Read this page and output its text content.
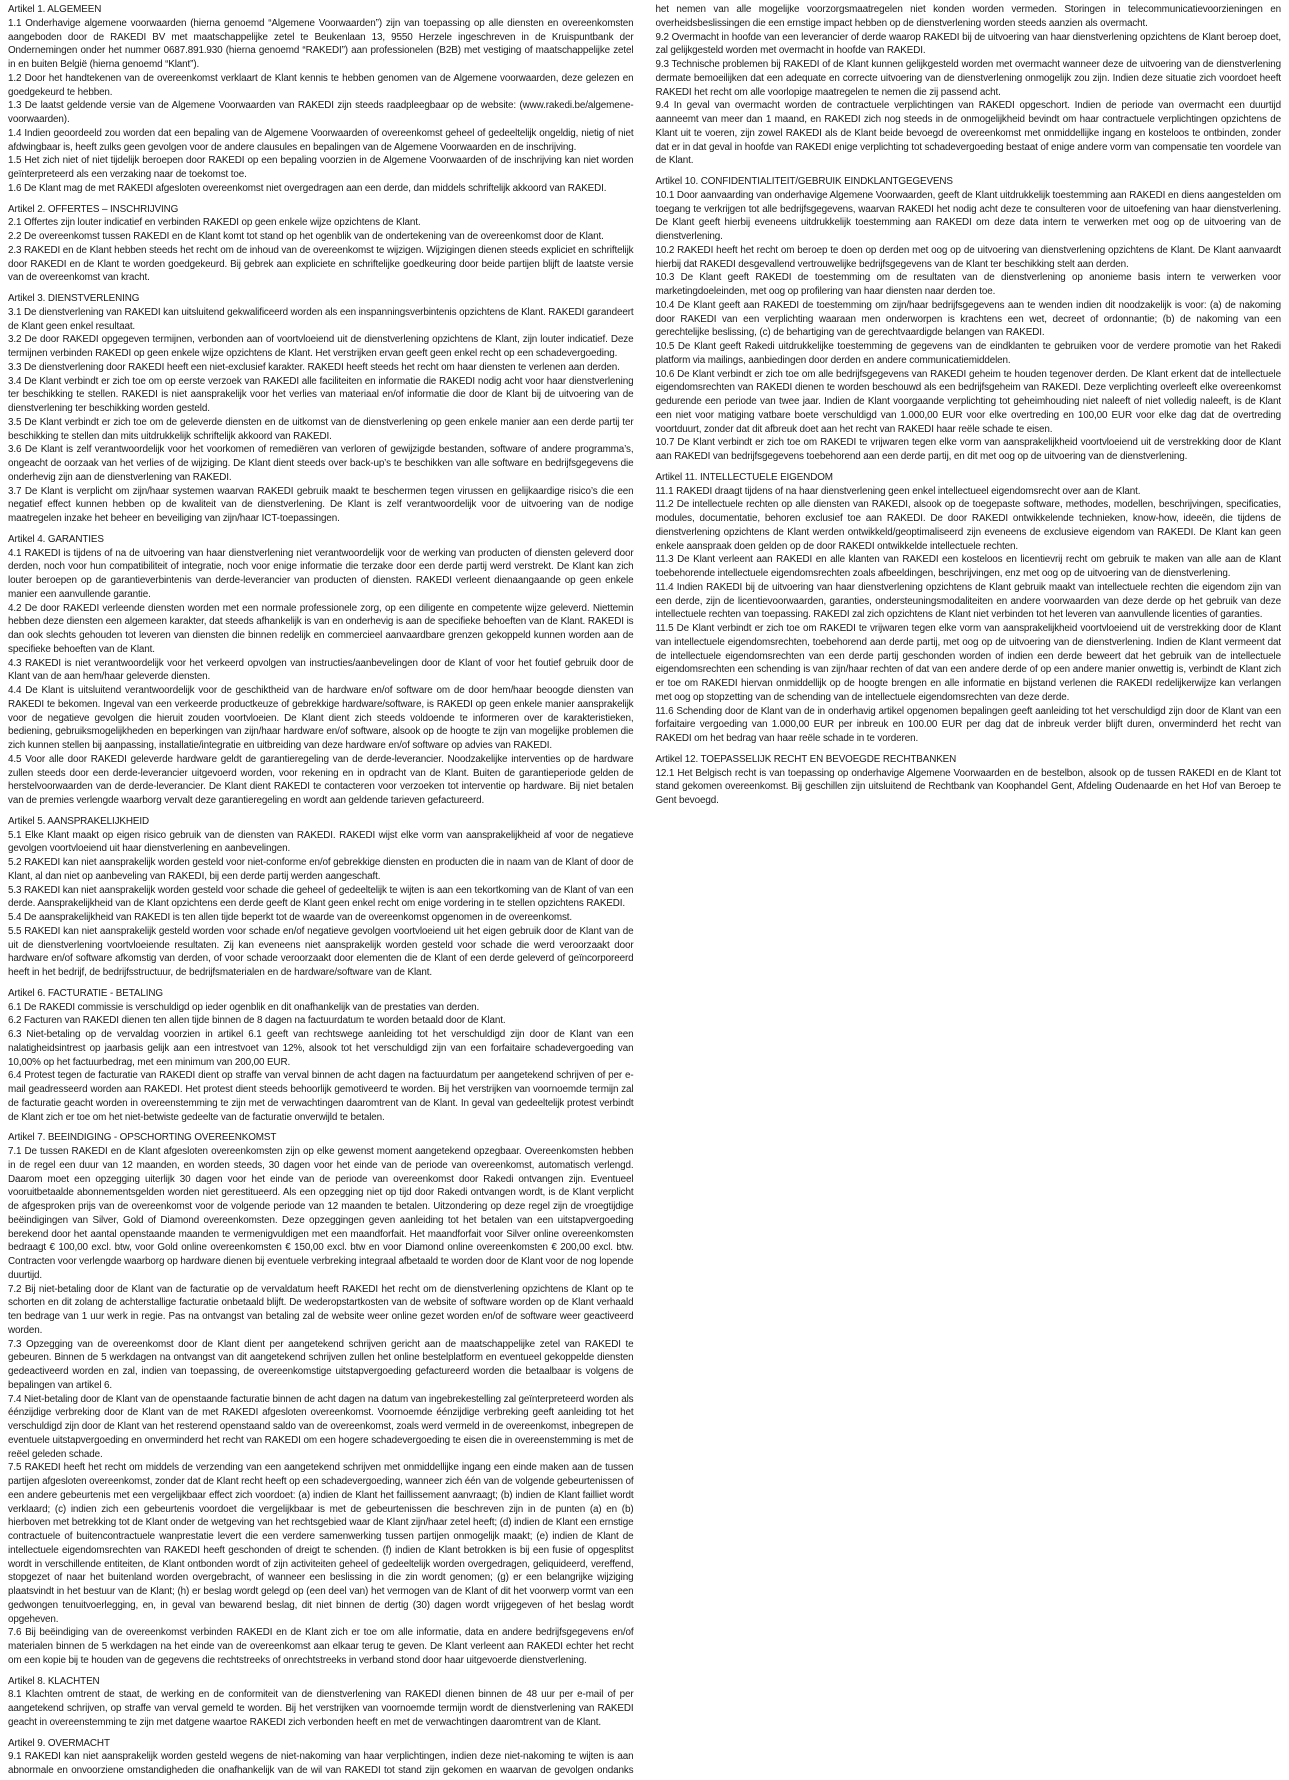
Artikel 1. ALGEMEEN

1.1 Onderhavige algemene voorwaarden (hierna genoemd “Algemene Voorwaarden”) zijn van toepassing op alle diensten en overeenkomsten aangeboden door de RAKEDI BV met maatschappelijke zetel te Beukenlaan 13, 9550 Herzele ingeschreven in de Kruispuntbank der Ondernemingen onder het nummer 0687.891.930 (hierna genoemd “RAKEDI”) aan professionelen (B2B) met vestiging of maatschappelijke zetel in en buiten België (hierna genoemd “Klant”).

1.2 Door het handtekenen van de overeenkomst verklaart de Klant kennis te hebben genomen van de Algemene voorwaarden, deze gelezen en goedgekeurd te hebben.

1.3 De laatst geldende versie van de Algemene Voorwaarden van RAKEDI zijn steeds raadpleegbaar op de website: (www.rakedi.be/algemene-voorwaarden).

1.4 Indien geoordeeld zou worden dat een bepaling van de Algemene Voorwaarden of overeenkomst geheel of gedeeltelijk ongeldig, nietig of niet afdwingbaar is, heeft zulks geen gevolgen voor de andere clausules en bepalingen van de Algemene Voorwaarden en de inschrijving.

1.5 Het zich niet of niet tijdelijk beroepen door RAKEDI op een bepaling voorzien in de Algemene Voorwaarden of de inschrijving kan niet worden geïnterpreteerd als een verzaking naar de toekomst toe.

1.6 De Klant mag de met RAKEDI afgesloten overeenkomst niet overgedragen aan een derde, dan middels schriftelijk akkoord van RAKEDI.

Artikel 2. OFFERTES – INSCHRIJVING

2.1 Offertes zijn louter indicatief en verbinden RAKEDI op geen enkele wijze opzichtens de Klant.

2.2 De overeenkomst tussen RAKEDI en de Klant komt tot stand op het ogenblik van de ondertekening van de overeenkomst door de Klant.

2.3 RAKEDI en de Klant hebben steeds het recht om de inhoud van de overeenkomst te wijzigen. Wijzigingen dienen steeds expliciet en schriftelijk door RAKEDI en de Klant te worden goedgekeurd. Bij gebrek aan expliciete en schriftelijke goedkeuring door beide partijen blijft de laatste versie van de overeenkomst van kracht.

Artikel 3. DIENSTVERLENING

3.1 De dienstverlening van RAKEDI kan uitsluitend gekwalificeerd worden als een inspanningsverbintenis opzichtens de Klant. RAKEDI garandeert de Klant geen enkel resultaat.

3.2 De door RAKEDI opgegeven termijnen, verbonden aan of voortvloeiend uit de dienstverlening opzichtens de Klant, zijn louter indicatief. Deze termijnen verbinden RAKEDI op geen enkele wijze opzichtens de Klant. Het verstrijken ervan geeft geen enkel recht op een schadevergoeding.

3.3 De dienstverlening door RAKEDI heeft een niet-exclusief karakter. RAKEDI heeft steeds het recht om haar diensten te verlenen aan derden.

3.4 De Klant verbindt er zich toe om op eerste verzoek van RAKEDI alle faciliteiten en informatie die RAKEDI nodig acht voor haar dienstverlening ter beschikking te stellen. RAKEDI is niet aansprakelijk voor het verlies van materiaal en/of informatie die door de Klant bij de uitvoering van de dienstverlening ter beschikking worden gesteld.

3.5 De Klant verbindt er zich toe om de geleverde diensten en de uitkomst van de dienstverlening op geen enkele manier aan een derde partij ter beschikking te stellen dan mits uitdrukkelijk schriftelijk akkoord van RAKEDI.

3.6 De Klant is zelf verantwoordelijk voor het voorkomen of remediëren van verloren of gewijzigde bestanden, software of andere programma’s, ongeacht de oorzaak van het verlies of de wijziging. De Klant dient steeds over back-up’s te beschikken van alle software en bedrijfsgegevens die onderhevig zijn aan de dienstverlening van RAKEDI.

3.7 De Klant is verplicht om zijn/haar systemen waarvan RAKEDI gebruik maakt te beschermen tegen virussen en gelijkaardige risico’s die een negatief effect kunnen hebben op de kwaliteit van de dienstverlening. De Klant is zelf verantwoordelijk voor de uitvoering van de nodige maatregelen inzake het beheer en beveiliging van zijn/haar ICT-toepassingen.

Artikel 4. GARANTIES

4.1 RAKEDI is tijdens of na de uitvoering van haar dienstverlening niet verantwoordelijk voor de werking van producten of diensten geleverd door derden, noch voor hun compatibiliteit of integratie, noch voor enige informatie die terzake door een derde partij werd verstrekt. De Klant kan zich louter beroepen op de garantieverbintenis van derde-leverancier van producten of diensten. RAKEDI verleent dienaangaande op geen enkele manier een aanvullende garantie.

4.2 De door RAKEDI verleende diensten worden met een normale professionele zorg, op een diligente en competente wijze geleverd. Niettemin hebben deze diensten een algemeen karakter, dat steeds afhankelijk is van en onderhevig is aan de specifieke behoeften van de Klant. RAKEDI is dan ook slechts gehouden tot leveren van diensten die binnen redelijk en commercieel aanvaardbare grenzen gekoppeld kunnen worden aan de specifieke behoeften van de Klant.

4.3 RAKEDI is niet verantwoordelijk voor het verkeerd opvolgen van instructies/aanbevelingen door de Klant of voor het foutief gebruik door de Klant van de aan hem/haar geleverde diensten.

4.4 De Klant is uitsluitend verantwoordelijk voor de geschiktheid van de hardware en/of software om de door hem/haar beoogde diensten van RAKEDI te bekomen. Ingeval van een verkeerde productkeuze of gebrekkige hardware/software, is RAKEDI op geen enkele manier aansprakelijk voor de negatieve gevolgen die hieruit zouden voortvloeien. De Klant dient zich steeds voldoende te informeren over de karakteristieken, bediening, gebruiksmogelijkheden en beperkingen van zijn/haar hardware en/of software, alsook op de hoogte te zijn van mogelijke problemen die zich kunnen stellen bij aanpassing, installatie/integratie en uitbreiding van deze hardware en/of software op advies van RAKEDI.

4.5 Voor alle door RAKEDI geleverde hardware geldt de garantieregeling van de derde-leverancier. Noodzakelijke interventies op de hardware zullen steeds door een derde-leverancier uitgevoerd worden, voor rekening en in opdracht van de Klant. Buiten de garantieperiode gelden de herstelvoorwaarden van de derde-leverancier. De Klant dient RAKEDI te contacteren voor verzoeken tot interventie op hardware. Bij niet betalen van de premies verlengde waarborg vervalt deze garantieregeling en wordt aan geldende tarieven gefactureerd.

Artikel 5. AANSPRAKELIJKHEID

5.1 Elke Klant maakt op eigen risico gebruik van de diensten van RAKEDI. RAKEDI wijst elke vorm van aansprakelijkheid af voor de negatieve gevolgen voortvloeiend uit haar dienstverlening en aanbevelingen.

5.2 RAKEDI kan niet aansprakelijk worden gesteld voor niet-conforme en/of gebrekkige diensten en producten die in naam van de Klant of door de Klant, al dan niet op aanbeveling van RAKEDI, bij een derde partij werden aangeschaft.

5.3 RAKEDI kan niet aansprakelijk worden gesteld voor schade die geheel of gedeeltelijk te wijten is aan een tekortkoming van de Klant of van een derde. Aansprakelijkheid van de Klant opzichtens een derde geeft de Klant geen enkel recht om enige vordering in te stellen opzichtens RAKEDI.

5.4 De aansprakelijkheid van RAKEDI is ten allen tijde beperkt tot de waarde van de overeenkomst opgenomen in de overeenkomst.

5.5 RAKEDI kan niet aansprakelijk gesteld worden voor schade en/of negatieve gevolgen voortvloeiend uit het eigen gebruik door de Klant van de uit de dienstverlening voortvloeiende resultaten. Zij kan eveneens niet aansprakelijk worden gesteld voor schade die werd veroorzaakt door hardware en/of software afkomstig van derden, of voor schade veroorzaakt door elementen die de Klant of een derde geleverd of geïncorporeerd heeft in het bedrijf, de bedrijfsstructuur, de bedrijfsmaterialen en de hardware/software van de Klant.

Artikel 6. FACTURATIE - BETALING

6.1 De RAKEDI commissie is verschuldigd op ieder ogenblik en dit onafhankelijk van de prestaties van derden.

6.2 Facturen van RAKEDI dienen ten allen tijde binnen de 8 dagen na factuurdatum te worden betaald door de Klant.

6.3 Niet-betaling op de vervaldag voorzien in artikel 6.1 geeft van rechtswege aanleiding tot het verschuldigd zijn door de Klant van een nalatigheidsintrest op jaarbasis gelijk aan een intrestvoet van 12%, alsook tot het verschuldigd zijn van een forfaitaire schadevergoeding van 10,00% op het factuurbedrag, met een minimum van 200,00 EUR.

6.4 Protest tegen de facturatie van RAKEDI dient op straffe van verval binnen de acht dagen na factuurdatum per aangetekend schrijven of per e-mail geadresseerd worden aan RAKEDI. Het protest dient steeds behoorlijk gemotiveerd te worden. Bij het verstrijken van voornoemde termijn zal de facturatie geacht worden in overeenstemming te zijn met de verwachtingen daaromtrent van de Klant. In geval van gedeeltelijk protest verbindt de Klant zich er toe om het niet-betwiste gedeelte van de facturatie onverwijld te betalen.

Artikel 7. BEEINDIGING - OPSCHORTING OVEREENKOMST

7.1 De tussen RAKEDI en de Klant afgesloten overeenkomsten zijn op elke gewenst moment aangetekend opzegbaar. Overeenkomsten hebben in de regel een duur van 12 maanden, en worden steeds, 30 dagen voor het einde van de periode van overeenkomst, automatisch verlengd. Daarom moet een opzegging uiterlijk 30 dagen voor het einde van de periode van overeenkomst door Rakedi ontvangen zijn. Eventueel vooruitbetaalde abonnementsgelden worden niet gerestitueerd. Als een opzegging niet op tijd door Rakedi ontvangen wordt, is de Klant verplicht de afgesproken prijs van de overeenkomst voor de volgende periode van 12 maanden te betalen. Uitzondering op deze regel zijn de vroegtijdige beëindigingen van Silver, Gold of Diamond overeenkomsten. Deze opzeggingen geven aanleiding tot het betalen van een uitstapvergoeding berekend door het aantal openstaande maanden te vermenigvuldigen met een maandforfait. Het maandforfait voor Silver online overeenkomsten bedraagt € 100,00 excl. btw, voor Gold online overeenkomsten € 150,00 excl. btw en voor Diamond online overeenkomsten € 200,00 excl. btw. Contracten voor verlengde waarborg op hardware dienen bij eventuele verbreking integraal afbetaald te worden door de Klant voor de nog lopende duurtijd.

7.2 Bij niet-betaling door de Klant van de facturatie op de vervaldatum heeft RAKEDI het recht om de dienstverlening opzichtens de Klant op te schorten en dit zolang de achterstallige facturatie onbetaald blijft. De wederopstartkosten van de website of software worden op de Klant verhaald ten bedrage van 1 uur werk in regie. Pas na ontvangst van betaling zal de website weer online gezet worden en/of de software weer geactiveerd worden.

7.3 Opzegging van de overeenkomst door de Klant dient per aangetekend schrijven gericht aan de maatschappelijke zetel van RAKEDI te gebeuren. Binnen de 5 werkdagen na ontvangst van dit aangetekend schrijven zullen het online bestelplatform en eventueel gekoppelde diensten gedeactiveerd worden en zal, indien van toepassing, de overeenkomstige uitstapvergoeding gefactureerd worden die betaalbaar is volgens de bepalingen van artikel 6.

7.4 Niet-betaling door de Klant van de openstaande facturatie binnen de acht dagen na datum van ingebrekestelling zal geïnterpreteerd worden als éénzijdige verbreking door de Klant van de met RAKEDI afgesloten overeenkomst. Voornoemde éénzijdige verbreking geeft aanleiding tot het verschuldigd zijn door de Klant van het resterend openstaand saldo van de overeenkomst, zoals werd vermeld in de overeenkomst, inbegrepen de eventuele uitstapvergoeding en onverminderd het recht van RAKEDI om een hogere schadevergoeding te eisen die in overeenstemming is met de reëel geleden schade.

7.5 RAKEDI heeft het recht om middels de verzending van een aangetekend schrijven met onmiddellijke ingang een einde maken aan de tussen partijen afgesloten overeenkomst, zonder dat de Klant recht heeft op een schadevergoeding, wanneer zich één van de volgende gebeurtenissen of een andere gebeurtenis met een vergelijkbaar effect zich voordoet: (a) indien de Klant het faillissement aanvraagt; (b) indien de Klant failliet wordt verklaard; (c) indien zich een gebeurtenis voordoet die vergelijkbaar is met de gebeurtenissen die beschreven zijn in de punten (a) en (b) hierboven met betrekking tot de Klant onder de wetgeving van het rechtsgebied waar de Klant zijn/haar zetel heeft; (d) indien de Klant een ernstige contractuele of buitencontractuele wanprestatie levert die een verdere samenwerking tussen partijen onmogelijk maakt; (e) indien de Klant de intellectuele eigendomsrechten van RAKEDI heeft geschonden of dreigt te schenden. (f) indien de Klant betrokken is bij een fusie of opgesplitst wordt in verschillende entiteiten, de Klant ontbonden wordt of zijn activiteiten geheel of gedeeltelijk worden overgedragen, geliquideerd, vereffend, stopgezet of naar het buitenland worden overgebracht, of wanneer een beslissing in die zin wordt genomen; (g) er een belangrijke wijziging plaatsvindt in het bestuur van de Klant; (h) er beslag wordt gelegd op (een deel van) het vermogen van de Klant of dit het voorwerp vormt van een gedwongen tenuitvoerlegging, en, in geval van bewarend beslag, dit niet binnen de dertig (30) dagen wordt vrijgegeven of het beslag wordt opgeheven.

7.6 Bij beëindiging van de overeenkomst verbinden RAKEDI en de Klant zich er toe om alle informatie, data en andere bedrijfsgegevens en/of materialen binnen de 5 werkdagen na het einde van de overeenkomst aan elkaar terug te geven. De Klant verleent aan RAKEDI echter het recht om een kopie bij te houden van de gegevens die rechtstreeks of onrechtstreeks in verband stond door haar uitgevoerde dienstverlening.

Artikel 8. KLACHTEN

8.1 Klachten omtrent de staat, de werking en de conformiteit van de dienstverlening van RAKEDI dienen binnen de 48 uur per e-mail of per aangetekend schrijven, op straffe van verval gemeld te worden. Bij het verstrijken van voornoemde termijn wordt de dienstverlening van RAKEDI geacht in overeenstemming te zijn met datgene waartoe RAKEDI zich verbonden heeft en met de verwachtingen daaromtrent van de Klant.

Artikel 9. OVERMACHT

9.1 RAKEDI kan niet aansprakelijk worden gesteld wegens de niet-nakoming van haar verplichtingen, indien deze niet-nakoming te wijten is aan abnormale en onvoorziene omstandigheden die onafhankelijk van de wil van RAKEDI tot stand zijn gekomen en waarvan de gevolgen ondanks het nemen van alle mogelijke voorzorgsmaatregelen niet konden worden vermeden. Storingen in telecommunicatievoorzieningen en overheidsbeslissingen die een ernstige impact hebben op de dienstverlening worden steeds aanzien als overmacht.

9.2 Overmacht in hoofde van een leverancier of derde waarop RAKEDI bij de uitvoering van haar dienstverlening opzichtens de Klant beroep doet, zal gelijkgesteld worden met overmacht in hoofde van RAKEDI.

9.3 Technische problemen bij RAKEDI of de Klant kunnen gelijkgesteld worden met overmacht wanneer deze de uitvoering van de dienstverlening dermate bemoeilijken dat een adequate en correcte uitvoering van de dienstverlening onmogelijk zou zijn. Indien deze situatie zich voordoet heeft RAKEDI het recht om alle voorlopige maatregelen te nemen die zij passend acht.

9.4 In geval van overmacht worden de contractuele verplichtingen van RAKEDI opgeschort. Indien de periode van overmacht een duurtijd aanneemt van meer dan 1 maand, en RAKEDI zich nog steeds in de onmogelijkheid bevindt om haar contractuele verplichtingen opzichtens de Klant uit te voeren, zijn zowel RAKEDI als de Klant beide bevoegd de overeenkomst met onmiddellijke ingang en kosteloos te ontbinden, zonder dat er in dat geval in hoofde van RAKEDI enige verplichting tot schadevergoeding bestaat of enige andere vorm van compensatie ten voordele van de Klant.

Artikel 10. CONFIDENTIALITEIT/GEBRUIK EINDKLANTGEGEVENS

10.1 Door aanvaarding van onderhavige Algemene Voorwaarden, geeft de Klant uitdrukkelijk toestemming aan RAKEDI en diens aangestelden om toegang te verkrijgen tot alle bedrijfsgegevens, waarvan RAKEDI het nodig acht deze te consulteren voor de uitoefening van haar dienstverlening. De Klant geeft hierbij eveneens uitdrukkelijk toestemming aan RAKEDI om deze data intern te verwerken met oog op de uitvoering van de dienstverlening.

10.2 RAKEDI heeft het recht om beroep te doen op derden met oog op de uitvoering van dienstverlening opzichtens de Klant. De Klant aanvaardt hierbij dat RAKEDI desgevallend vertrouwelijke bedrijfsgegevens van de Klant ter beschikking stelt aan derden.

10.3 De Klant geeft RAKEDI de toestemming om de resultaten van de dienstverlening op anonieme basis intern te verwerken voor marketingdoeleinden, met oog op profilering van haar diensten naar derden toe.

10.4 De Klant geeft aan RAKEDI de toestemming om zijn/haar bedrijfsgegevens aan te wenden indien dit noodzakelijk is voor: (a) de nakoming door RAKEDI van een verplichting waaraan men onderworpen is krachtens een wet, decreet of ordonnantie; (b) de nakoming van een gerechtelijke beslissing, (c) de behartiging van de gerechtvaardigde belangen van RAKEDI.

10.5 De Klant geeft Rakedi uitdrukkelijke toestemming de gegevens van de eindklanten te gebruiken voor de verdere promotie van het Rakedi platform via mailings, aanbiedingen door derden en andere communicatiemiddelen.

10.6 De Klant verbindt er zich toe om alle bedrijfsgegevens van RAKEDI geheim te houden tegenover derden. De Klant erkent dat de intellectuele eigendomsrechten van RAKEDI dienen te worden beschouwd als een bedrijfsgeheim van RAKEDI. Deze verplichting overleeft elke overeenkomst gedurende een periode van twee jaar. Indien de Klant voorgaande verplichting tot geheimhouding niet naleeft of niet volledig naleeft, is de Klant een niet voor matiging vatbare boete verschuldigd van 1.000,00 EUR voor elke overtreding en 100,00 EUR voor elke dag dat de overtreding voortduurt, zonder dat dit afbreuk doet aan het recht van RAKEDI haar reële schade te eisen.

10.7 De Klant verbindt er zich toe om RAKEDI te vrijwaren tegen elke vorm van aansprakelijkheid voortvloeiend uit de verstrekking door de Klant aan RAKEDI van bedrijfsgegevens toebehorend aan een derde partij, en dit met oog op de uitvoering van de dienstverlening.

Artikel 11. INTELLECTUELE EIGENDOM

11.1 RAKEDI draagt tijdens of na haar dienstverlening geen enkel intellectueel eigendomsrecht over aan de Klant.

11.2 De intellectuele rechten op alle diensten van RAKEDI, alsook op de toegepaste software, methodes, modellen, beschrijvingen, specificaties, modules, documentatie, behoren exclusief toe aan RAKEDI. De door RAKEDI ontwikkelende technieken, know-how, ideeën, die tijdens de dienstverlening opzichtens de Klant werden ontwikkeld/geoptimaliseerd zijn eveneens de exclusieve eigendom van RAKEDI. De Klant kan geen enkele aanspraak doen gelden op de door RAKEDI ontwikkelde intellectuele rechten.

11.3 De Klant verleent aan RAKEDI en alle klanten van RAKEDI een kosteloos en licentievrij recht om gebruik te maken van alle aan de Klant toebehorende intellectuele eigendomsrechten zoals afbeeldingen, beschrijvingen, enz met oog op de uitvoering van de dienstverlening.

11.4 Indien RAKEDI bij de uitvoering van haar dienstverlening opzichtens de Klant gebruik maakt van intellectuele rechten die eigendom zijn van een derde, zijn de licentievoorwaarden, garanties, ondersteuningsmodaliteiten en andere voorwaarden van deze derde op het gebruik van deze intellectuele rechten van toepassing. RAKEDI zal zich opzichtens de Klant niet verbinden tot het leveren van aanvullende licenties of garanties.

11.5 De Klant verbindt er zich toe om RAKEDI te vrijwaren tegen elke vorm van aansprakelijkheid voortvloeiend uit de verstrekking door de Klant van intellectuele eigendomsrechten, toebehorend aan derde partij, met oog op de uitvoering van de dienstverlening. Indien de Klant vermeent dat de intellectuele eigendomsrechten van een derde partij geschonden worden of indien een derde beweert dat het gebruik van de intellectuele eigendomsrechten een schending is van zijn/haar rechten of dat van een andere derde of op een andere manier onwettig is, verbindt de Klant zich er toe om RAKEDI hiervan onmiddellijk op de hoogte brengen en alle informatie en bijstand verlenen die RAKEDI redelijkerwijze kan verlangen met oog op stopzetting van de schending van de intellectuele eigendomsrechten van deze derde.

11.6 Schending door de Klant van de in onderhavig artikel opgenomen bepalingen geeft aanleiding tot het verschuldigd zijn door de Klant van een forfaitaire vergoeding van 1.000,00 EUR per inbreuk en 100.00 EUR per dag dat de inbreuk verder blijft duren, onverminderd het recht van RAKEDI om het bedrag van haar reële schade in te vorderen.

Artikel 12. TOEPASSELIJK RECHT EN BEVOEGDE RECHTBANKEN

12.1 Het Belgisch recht is van toepassing op onderhavige Algemene Voorwaarden en de bestelbon, alsook op de tussen RAKEDI en de Klant tot stand gekomen overeenkomst. Bij geschillen zijn uitsluitend de Rechtbank van Koophandel Gent, Afdeling Oudenaarde en het Hof van Beroep te Gent bevoegd.
